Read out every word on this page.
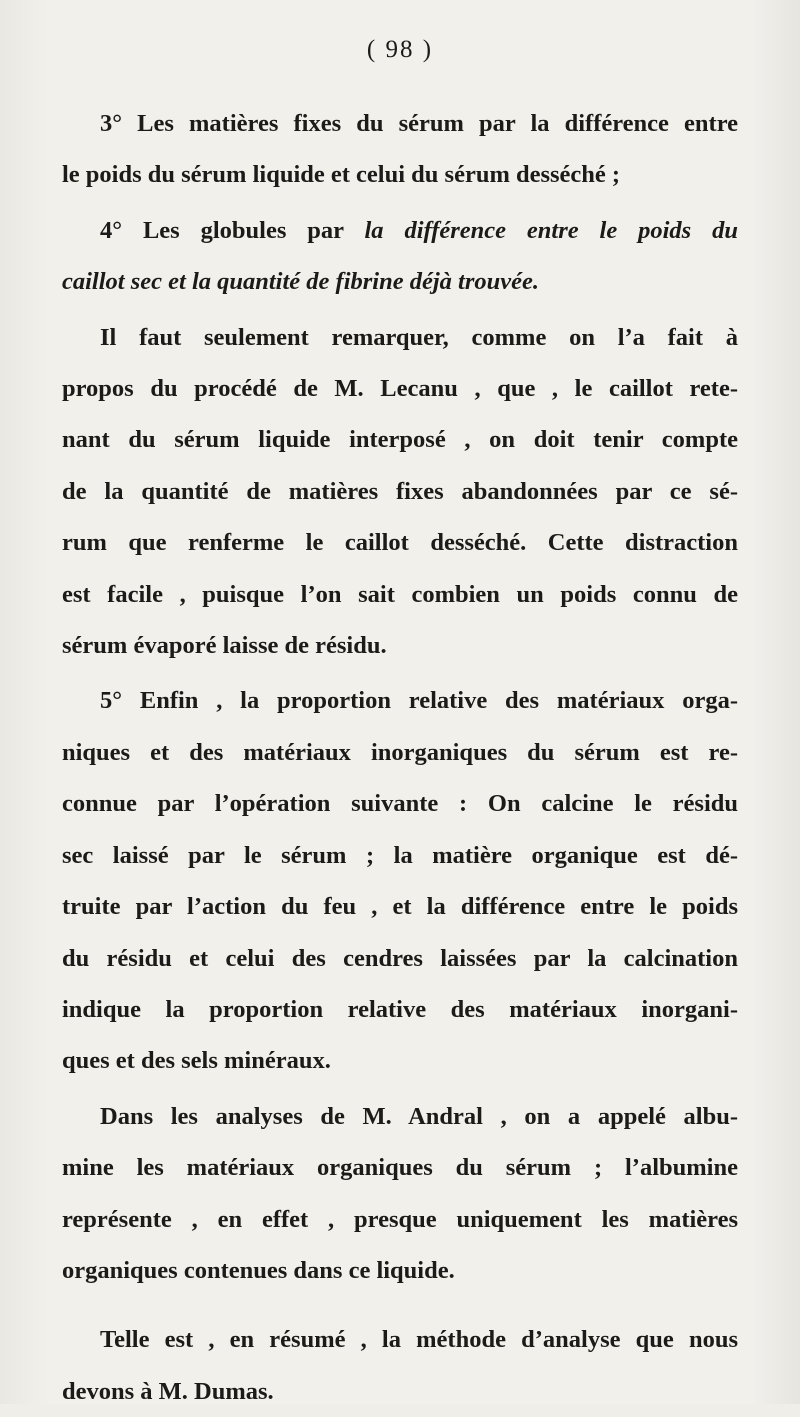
( 98 )

3° Les matières fixes du sérum par la différence entre
le poids du sérum liquide et celui du sérum desséché ;

4° Les globules par la différence entre le poids du
caillot sec et la quantité de fibrine déjà trouvée.

Il faut seulement remarquer, comme on l’a fait à
propos du procédé de M. Lecanu , que , le caillot rete-
nant du sérum liquide interposé , on doit tenir compte
de la quantité de matières fixes abandonnées par ce sé-
rum que renferme le caillot desséché. Cette distraction
est facile , puisque l’on sait combien un poids connu de
sérum évaporé laisse de résidu.

5° Enfin , la proportion relative des matériaux orga-
niques et des matériaux inorganiques du sérum est re-
connue par l’opération suivante : On calcine le résidu
sec laissé par le sérum ; la matière organique est dé-
truite par l’action du feu , et la différence entre le poids
du résidu et celui des cendres laissées par la calcination
indique la proportion relative des matériaux inorgani-
ques et des sels minéraux.

Dans les analyses de M. Andral , on a appelé albu-
mine les matériaux organiques du sérum ; l’albumine
représente , en effet , presque uniquement les matières
organiques contenues dans ce liquide.

Telle est , en résumé , la méthode d’analyse que nous
devons à M. Dumas.
